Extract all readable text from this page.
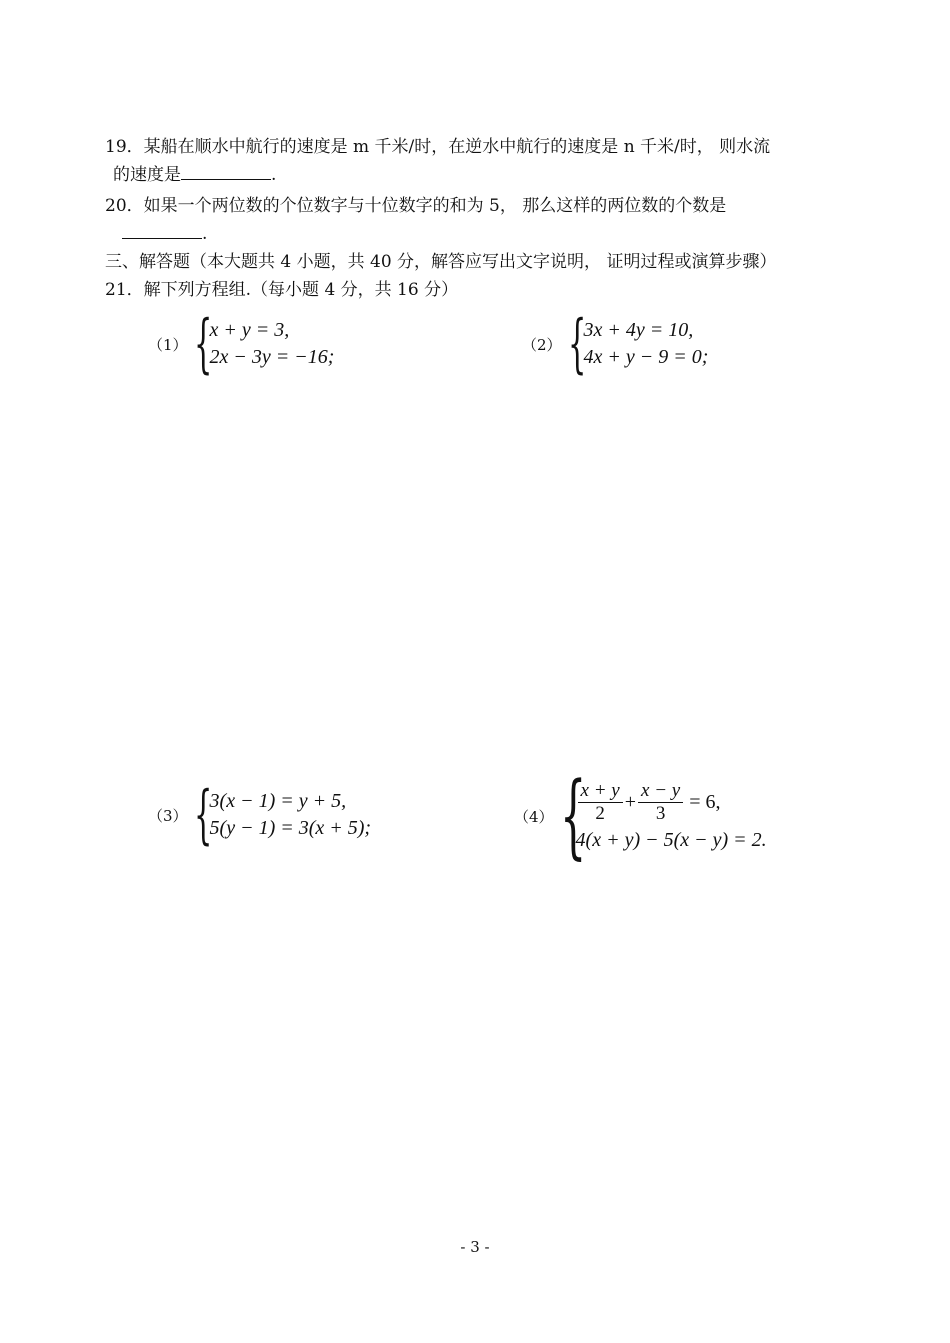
19．某船在顺水中航行的速度是 m 千米/时，在逆水中航行的速度是 n 千米/时， 则水流
的速度是	.
20．如果一个两位数的个位数字与十位数字的和为 5， 那么这样的两位数的个数是
.
三、解答题（本大题共 4 小题，共 40 分，解答应写出文字说明， 证明过程或演算步骤）
21．解下列方程组.（每小题 4 分，共 16 分）
（1） {
x + y = 3,
2x − 3y = −16;
（2） {
3x + 4y = 10,
4x + y − 9 = 0;
（3） {
3(x − 1) = y + 5,
5(y − 1) = 3(x + 5);
（4） {
$\frac{x + y}{2} + \frac{x - y}{3} = 6$,
4(x + y) − 5(x − y) = 2.
- 3 -
